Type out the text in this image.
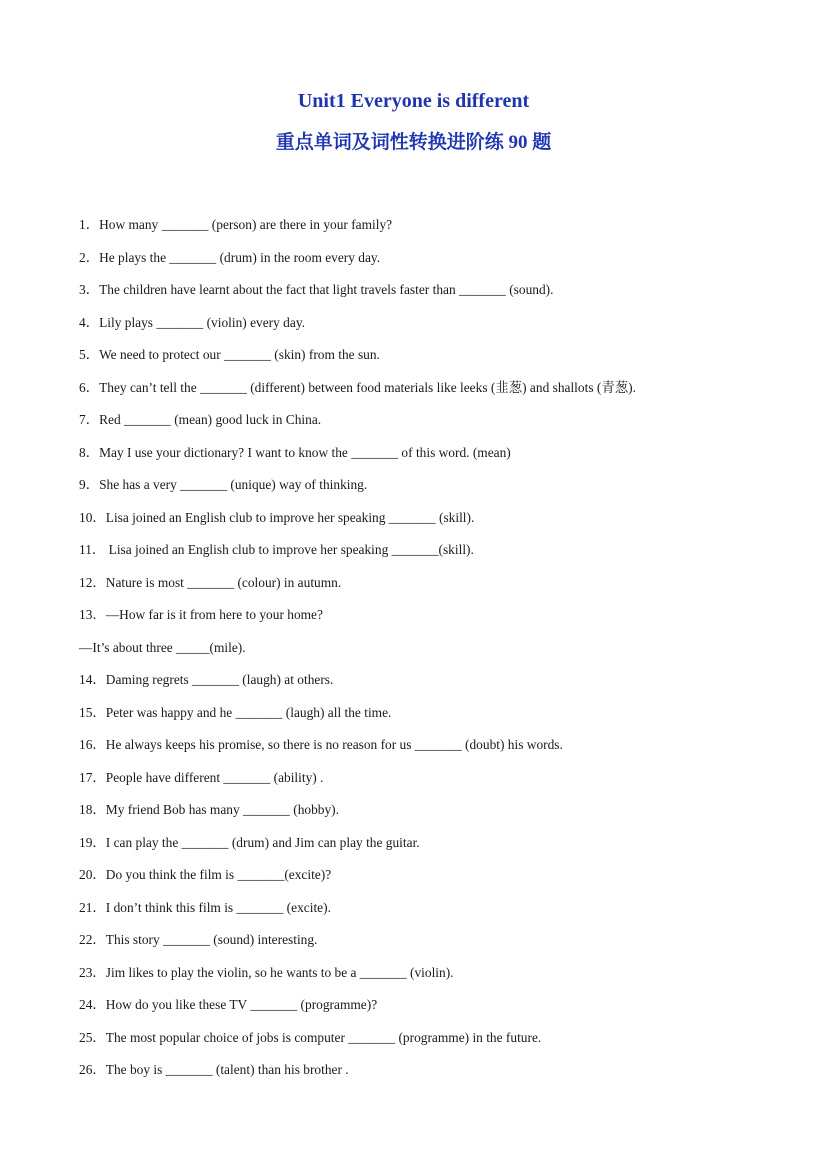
Unit1 Everyone is different
重点单词及词性转换进阶练 90 题
1．How many _______ (person) are there in your family?
2．He plays the _______ (drum) in the room every day.
3．The children have learnt about the fact that light travels faster than _______ (sound).
4．Lily plays _______ (violin) every day.
5．We need to protect our _______ (skin) from the sun.
6．They can’t tell the _______ (different) between food materials like leeks (韭葱) and shallots (青葱).
7．Red _______ (mean) good luck in China.
8．May I use your dictionary? I want to know the _______ of this word. (mean)
9．She has a very _______ (unique) way of thinking.
10．Lisa joined an English club to improve her speaking _______ (skill).
11． Lisa joined an English club to improve her speaking _______(skill).
12．Nature is most _______ (colour) in autumn.
13．—How far is it from here to your home?
—It’s about three _____(mile).
14．Daming regrets _______ (laugh) at others.
15．Peter was happy and he _______ (laugh) all the time.
16．He always keeps his promise, so there is no reason for us _______ (doubt) his words.
17．People have different _______ (ability) .
18．My friend Bob has many _______ (hobby).
19．I can play the _______ (drum) and Jim can play the guitar.
20．Do you think the film is _______(excite)?
21．I don’t think this film is _______ (excite).
22．This story _______ (sound) interesting.
23．Jim likes to play the violin, so he wants to be a _______ (violin).
24．How do you like these TV _______ (programme)?
25．The most popular choice of jobs is computer _______ (programme) in the future.
26．The boy is _______ (talent) than his brother .
